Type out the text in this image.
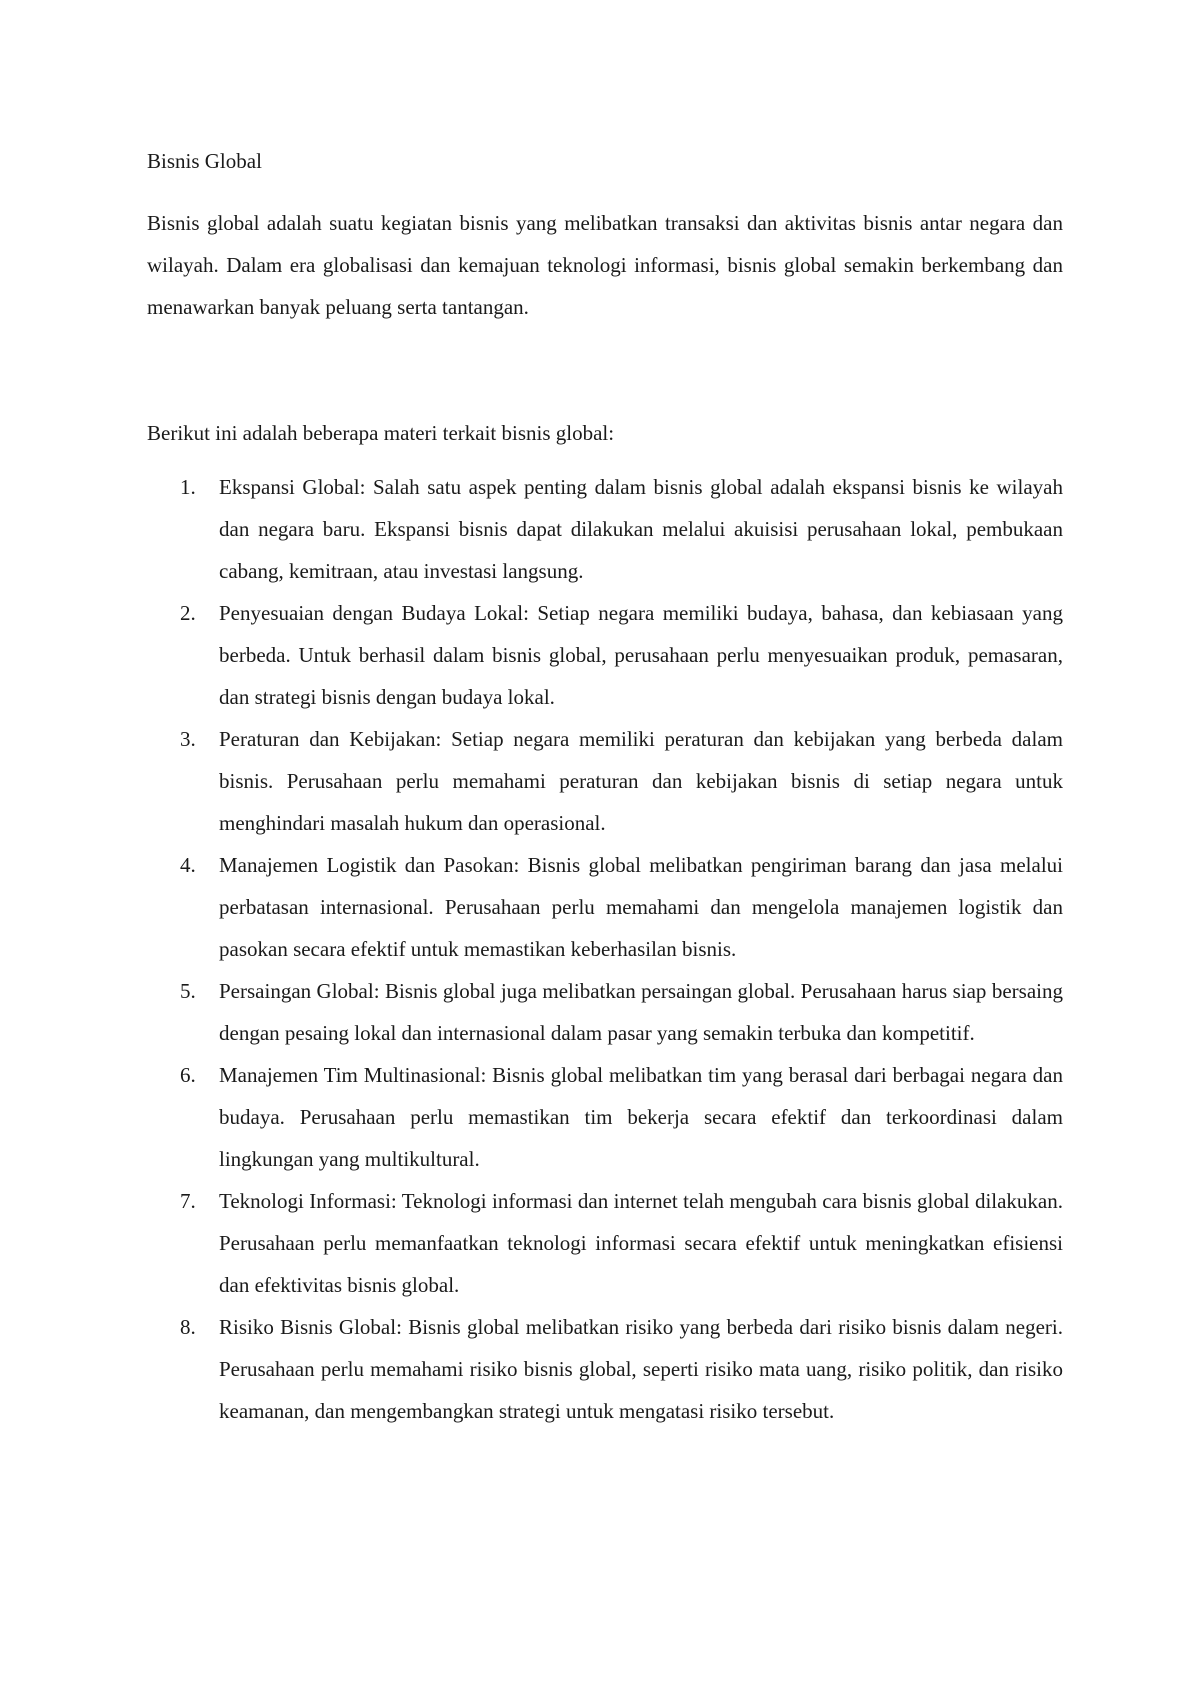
Bisnis Global

Bisnis global adalah suatu kegiatan bisnis yang melibatkan transaksi dan aktivitas bisnis antar negara dan wilayah. Dalam era globalisasi dan kemajuan teknologi informasi, bisnis global semakin berkembang dan menawarkan banyak peluang serta tantangan.

Berikut ini adalah beberapa materi terkait bisnis global:

1. Ekspansi Global: Salah satu aspek penting dalam bisnis global adalah ekspansi bisnis ke wilayah dan negara baru. Ekspansi bisnis dapat dilakukan melalui akuisisi perusahaan lokal, pembukaan cabang, kemitraan, atau investasi langsung.
2. Penyesuaian dengan Budaya Lokal: Setiap negara memiliki budaya, bahasa, dan kebiasaan yang berbeda. Untuk berhasil dalam bisnis global, perusahaan perlu menyesuaikan produk, pemasaran, dan strategi bisnis dengan budaya lokal.
3. Peraturan dan Kebijakan: Setiap negara memiliki peraturan dan kebijakan yang berbeda dalam bisnis. Perusahaan perlu memahami peraturan dan kebijakan bisnis di setiap negara untuk menghindari masalah hukum dan operasional.
4. Manajemen Logistik dan Pasokan: Bisnis global melibatkan pengiriman barang dan jasa melalui perbatasan internasional. Perusahaan perlu memahami dan mengelola manajemen logistik dan pasokan secara efektif untuk memastikan keberhasilan bisnis.
5. Persaingan Global: Bisnis global juga melibatkan persaingan global. Perusahaan harus siap bersaing dengan pesaing lokal dan internasional dalam pasar yang semakin terbuka dan kompetitif.
6. Manajemen Tim Multinasional: Bisnis global melibatkan tim yang berasal dari berbagai negara dan budaya. Perusahaan perlu memastikan tim bekerja secara efektif dan terkoordinasi dalam lingkungan yang multikultural.
7. Teknologi Informasi: Teknologi informasi dan internet telah mengubah cara bisnis global dilakukan. Perusahaan perlu memanfaatkan teknologi informasi secara efektif untuk meningkatkan efisiensi dan efektivitas bisnis global.
8. Risiko Bisnis Global: Bisnis global melibatkan risiko yang berbeda dari risiko bisnis dalam negeri. Perusahaan perlu memahami risiko bisnis global, seperti risiko mata uang, risiko politik, dan risiko keamanan, dan mengembangkan strategi untuk mengatasi risiko tersebut.
